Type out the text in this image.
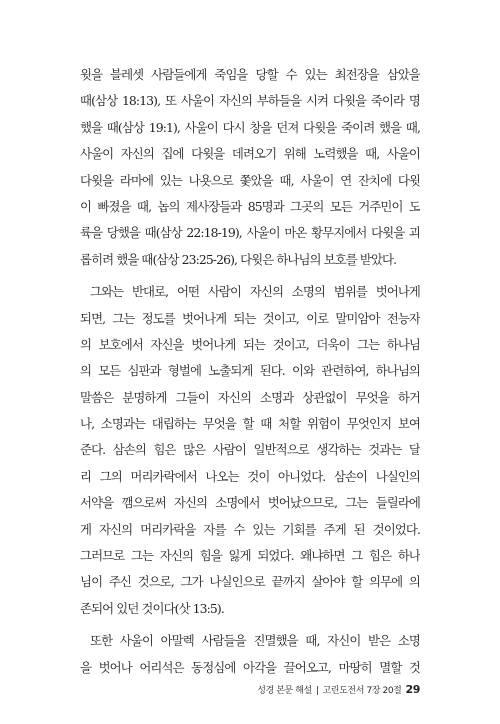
윗을 블레셋 사람들에게 죽임을 당할 수 있는 최전장을 삼았을
때(삼상 18:13), 또 사울이 자신의 부하들을 시켜 다윗을 죽이라 명
했을 때(삼상 19:1), 사울이 다시 창을 던져 다윗을 죽이려 했을 때,
사울이 자신의 집에 다윗을 데려오기 위해 노력했을 때, 사울이
다윗을 라마에 있는 나욧으로 쫓았을 때, 사울이 연 잔치에 다윗
이 빠졌을 때, 놉의 제사장들과 85명과 그곳의 모든 거주민이 도
륙을 당했을 때(삼상 22:18-19), 사울이 마온 황무지에서 다윗을 괴
롭히려 했을 때(삼상 23:25-26), 다윗은 하나님의 보호를 받았다.
그와는 반대로, 어떤 사람이 자신의 소명의 범위를 벗어나게
되면, 그는 정도를 벗어나게 되는 것이고, 이로 말미암아 전능자
의 보호에서 자신을 벗어나게 되는 것이고, 더욱이 그는 하나님
의 모든 심판과 형벌에 노출되게 된다. 이와 관련하여, 하나님의
말씀은 분명하게 그들이 자신의 소명과 상관없이 무엇을 하거
나, 소명과는 대립하는 무엇을 할 때 처할 위험이 무엇인지 보여
준다. 삼손의 힘은 많은 사람이 일반적으로 생각하는 것과는 달
리 그의 머리카락에서 나오는 것이 아니었다. 삼손이 나실인의
서약을 깸으로써 자신의 소명에서 벗어났으므로, 그는 들릴라에
게 자신의 머리카락을 자를 수 있는 기회를 주게 된 것이었다.
그러므로 그는 자신의 힘을 잃게 되었다. 왜냐하면 그 힘은 하나
님이 주신 것으로, 그가 나실인으로 끝까지 살아야 할 의무에 의
존되어 있던 것이다(삿 13:5).
또한 사울이 아말렉 사람들을 진멸했을 때, 자신이 받은 소명
을 벗어나 어리석은 동정심에 아각을 끌어오고, 마땅히 멸할 것
성경 본문 해설 | 고린도전서 7장 20절 29
